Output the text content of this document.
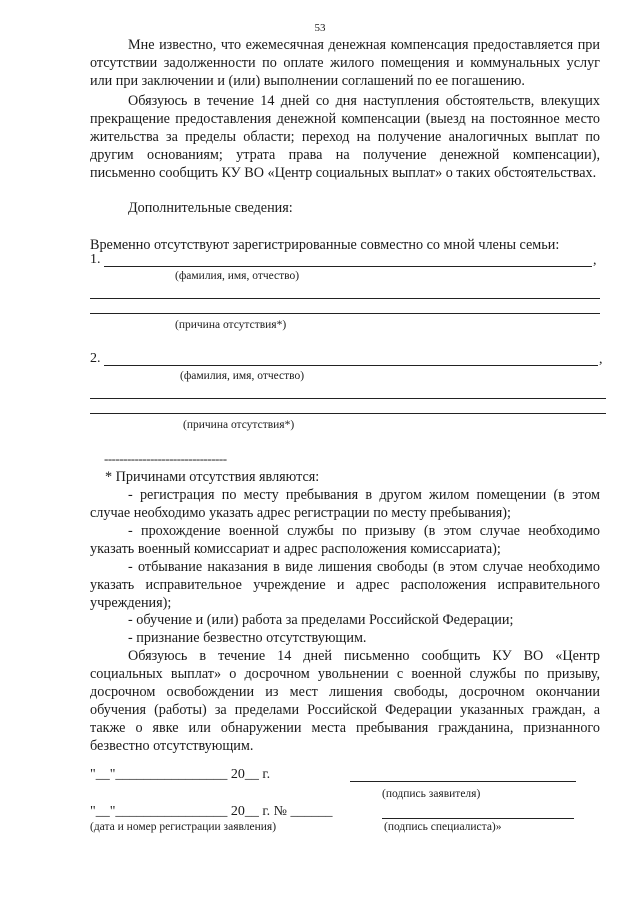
53
Мне известно, что ежемесячная денежная компенсация предоставляется при отсутствии задолженности по оплате жилого помещения и коммунальных услуг или при заключении и (или) выполнении соглашений по ее погашению.
Обязуюсь в течение 14 дней со дня наступления обстоятельств, влекущих прекращение предоставления денежной компенсации (выезд на постоянное место жительства за пределы области; переход на получение аналогичных выплат по другим основаниям; утрата права на получение денежной компенсации), письменно сообщить КУ ВО «Центр социальных выплат» о таких обстоятельствах.
Дополнительные сведения:
Временно отсутствуют зарегистрированные совместно со мной члены семьи:
1.	,
(фамилия, имя, отчество)
(причина отсутствия*)
2.	,
(фамилия, имя, отчество)
(причина отсутствия*)
--------------------------------
* Причинами отсутствия являются:
- регистрация по месту пребывания в другом жилом помещении (в этом случае необходимо указать адрес регистрации по месту пребывания);
- прохождение военной службы по призыву (в этом случае необходимо указать военный комиссариат и адрес расположения комиссариата);
- отбывание наказания в виде лишения свободы (в этом случае необходимо указать исправительное учреждение и адрес расположения исправительного учреждения);
- обучение и (или) работа за пределами Российской Федерации;
- признание безвестно отсутствующим.
Обязуюсь в течение 14 дней письменно сообщить КУ ВО «Центр социальных выплат» о досрочном увольнении с военной службы по призыву, досрочном освобождении из мест лишения свободы, досрочном окончании обучения (работы) за пределами Российской Федерации указанных граждан, а также о явке или обнаружении места пребывания гражданина, признанного безвестно отсутствующим.
"__"________________ 20__ г.
(подпись заявителя)
"__"________________ 20__ г. № ______
(дата и номер регистрации заявления)	(подпись специалиста)»
